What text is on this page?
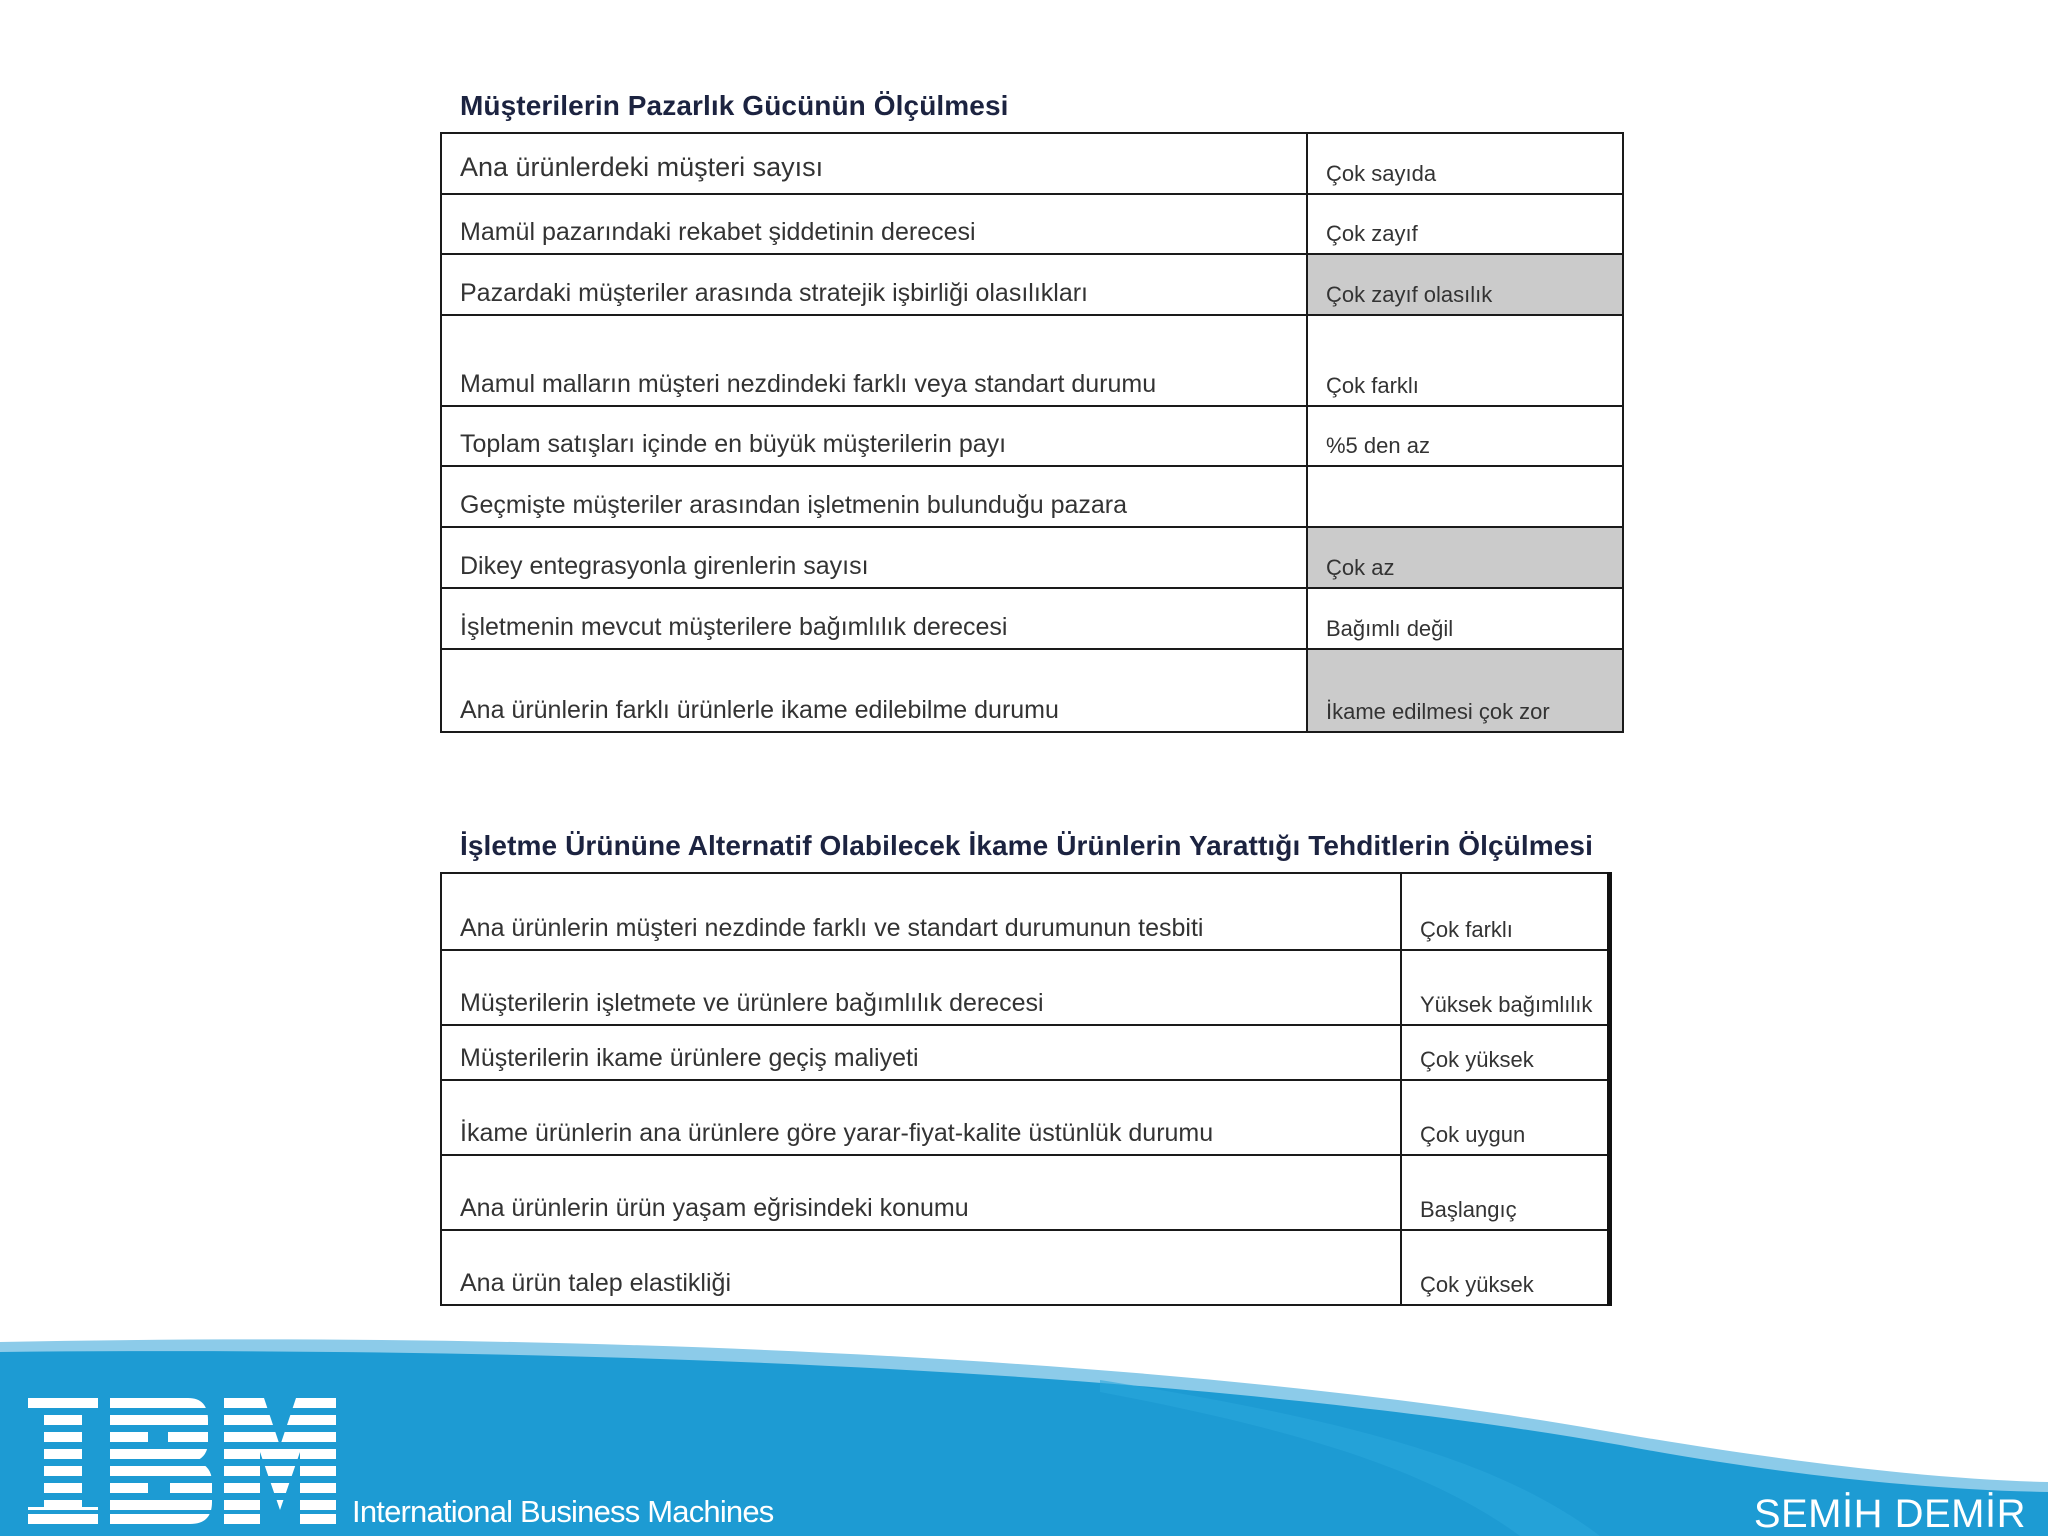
Müşterilerin Pazarlık Gücünün Ölçülmesi
Ana ürünlerdeki müşteri sayısı	Çok sayıda
Mamül pazarındaki rekabet şiddetinin derecesi	Çok zayıf
Pazardaki müşteriler arasında stratejik işbirliği olasılıkları	Çok zayıf olasılık
Mamul malların müşteri nezdindeki farklı veya standart durumu	Çok farklı
Toplam satışları içinde en büyük müşterilerin payı	%5 den az
Geçmişte müşteriler arasından işletmenin bulunduğu pazara	
Dikey entegrasyonla girenlerin sayısı	Çok az
İşletmenin mevcut müşterilere bağımlılık derecesi	Bağımlı değil
Ana ürünlerin farklı ürünlerle ikame edilebilme durumu	İkame edilmesi çok zor
İşletme Ürününe Alternatif Olabilecek İkame Ürünlerin Yarattığı Tehditlerin Ölçülmesi
Ana ürünlerin müşteri nezdinde farklı ve standart durumunun tesbiti	Çok farklı
Müşterilerin işletmete ve ürünlere bağımlılık derecesi	Yüksek bağımlılık
Müşterilerin ikame ürünlere geçiş maliyeti	Çok yüksek
İkame ürünlerin ana ürünlere göre yarar-fiyat-kalite üstünlük durumu	Çok uygun
Ana ürünlerin ürün yaşam eğrisindeki konumu	Başlangıç
Ana ürün talep elastikliği	Çok yüksek
International Business Machines	SEMİH DEMİR
